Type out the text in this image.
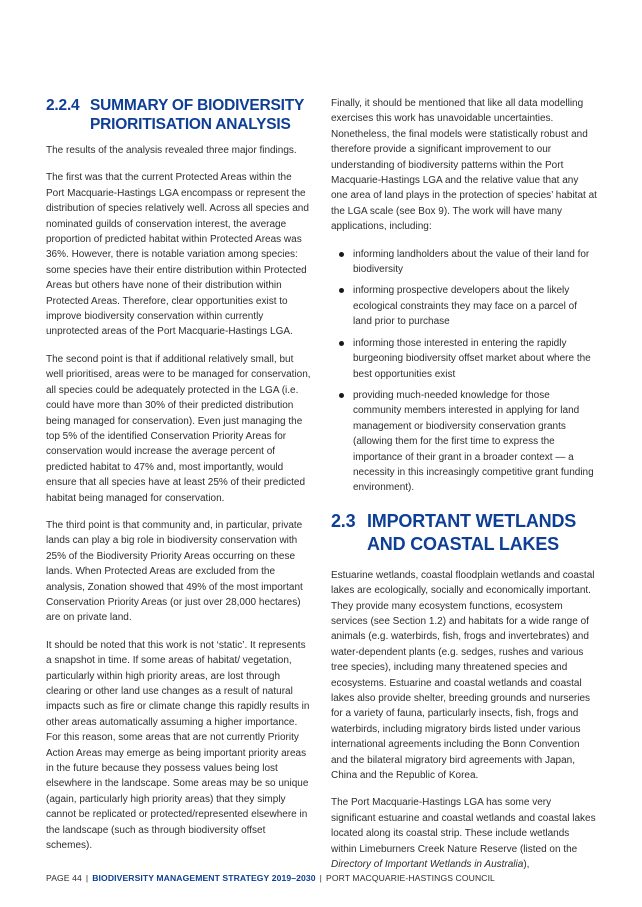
2.2.4 SUMMARY OF BIODIVERSITY
PRIORITISATION ANALYSIS

The results of the analysis revealed three major findings.

The first was that the current Protected Areas within the Port Macquarie-Hastings LGA encompass or represent the distribution of species relatively well. Across all species and nominated guilds of conservation interest, the average proportion of predicted habitat within Protected Areas was 36%. However, there is notable variation among species: some species have their entire distribution within Protected Areas but others have none of their distribution within Protected Areas. Therefore, clear opportunities exist to improve biodiversity conservation within currently unprotected areas of the Port Macquarie-Hastings LGA.

The second point is that if additional relatively small, but well prioritised, areas were to be managed for conservation, all species could be adequately protected in the LGA (i.e. could have more than 30% of their predicted distribution being managed for conservation). Even just managing the top 5% of the identified Conservation Priority Areas for conservation would increase the average percent of predicted habitat to 47% and, most importantly, would ensure that all species have at least 25% of their predicted habitat being managed for conservation.

The third point is that community and, in particular, private lands can play a big role in biodiversity conservation with 25% of the Biodiversity Priority Areas occurring on these lands. When Protected Areas are excluded from the analysis, Zonation showed that 49% of the most important Conservation Priority Areas (or just over 28,000 hectares) are on private land.

It should be noted that this work is not ‘static’. It represents a snapshot in time. If some areas of habitat/ vegetation, particularly within high priority areas, are lost through clearing or other land use changes as a result of natural impacts such as fire or climate change this rapidly results in other areas automatically assuming a higher importance. For this reason, some areas that are not currently Priority Action Areas may emerge as being important priority areas in the future because they possess values being lost elsewhere in the landscape. Some areas may be so unique (again, particularly high priority areas) that they simply cannot be replicated or protected/represented elsewhere in the landscape (such as through biodiversity offset schemes).

Finally, it should be mentioned that like all data modelling exercises this work has unavoidable uncertainties. Nonetheless, the final models were statistically robust and therefore provide a significant improvement to our understanding of biodiversity patterns within the Port Macquarie-Hastings LGA and the relative value that any one area of land plays in the protection of species’ habitat at the LGA scale (see Box 9). The work will have many applications, including:

informing landholders about the value of their land for biodiversity
informing prospective developers about the likely ecological constraints they may face on a parcel of land prior to purchase
informing those interested in entering the rapidly burgeoning biodiversity offset market about where the best opportunities exist
providing much-needed knowledge for those community members interested in applying for land management or biodiversity conservation grants (allowing them for the first time to express the importance of their grant in a broader context — a necessity in this increasingly competitive grant funding environment).
2.3 IMPORTANT WETLANDS
AND COASTAL LAKES

Estuarine wetlands, coastal floodplain wetlands and coastal lakes are ecologically, socially and economically important. They provide many ecosystem functions, ecosystem services (see Section 1.2) and habitats for a wide range of animals (e.g. waterbirds, fish, frogs and invertebrates) and water-dependent plants (e.g. sedges, rushes and various tree species), including many threatened species and ecosystems. Estuarine and coastal wetlands and coastal lakes also provide shelter, breeding grounds and nurseries for a variety of fauna, particularly insects, fish, frogs and waterbirds, including migratory birds listed under various international agreements including the Bonn Convention and the bilateral migratory bird agreements with Japan, China and the Republic of Korea.

The Port Macquarie-Hastings LGA has some very significant estuarine and coastal wetlands and coastal lakes located along its coastal strip. These include wetlands within Limeburners Creek Nature Reserve (listed on the Directory of Important Wetlands in Australia),

PAGE 44 | BIODIVERSITY MANAGEMENT STRATEGY 2019–2030 | PORT MACQUARIE-HASTINGS COUNCIL
